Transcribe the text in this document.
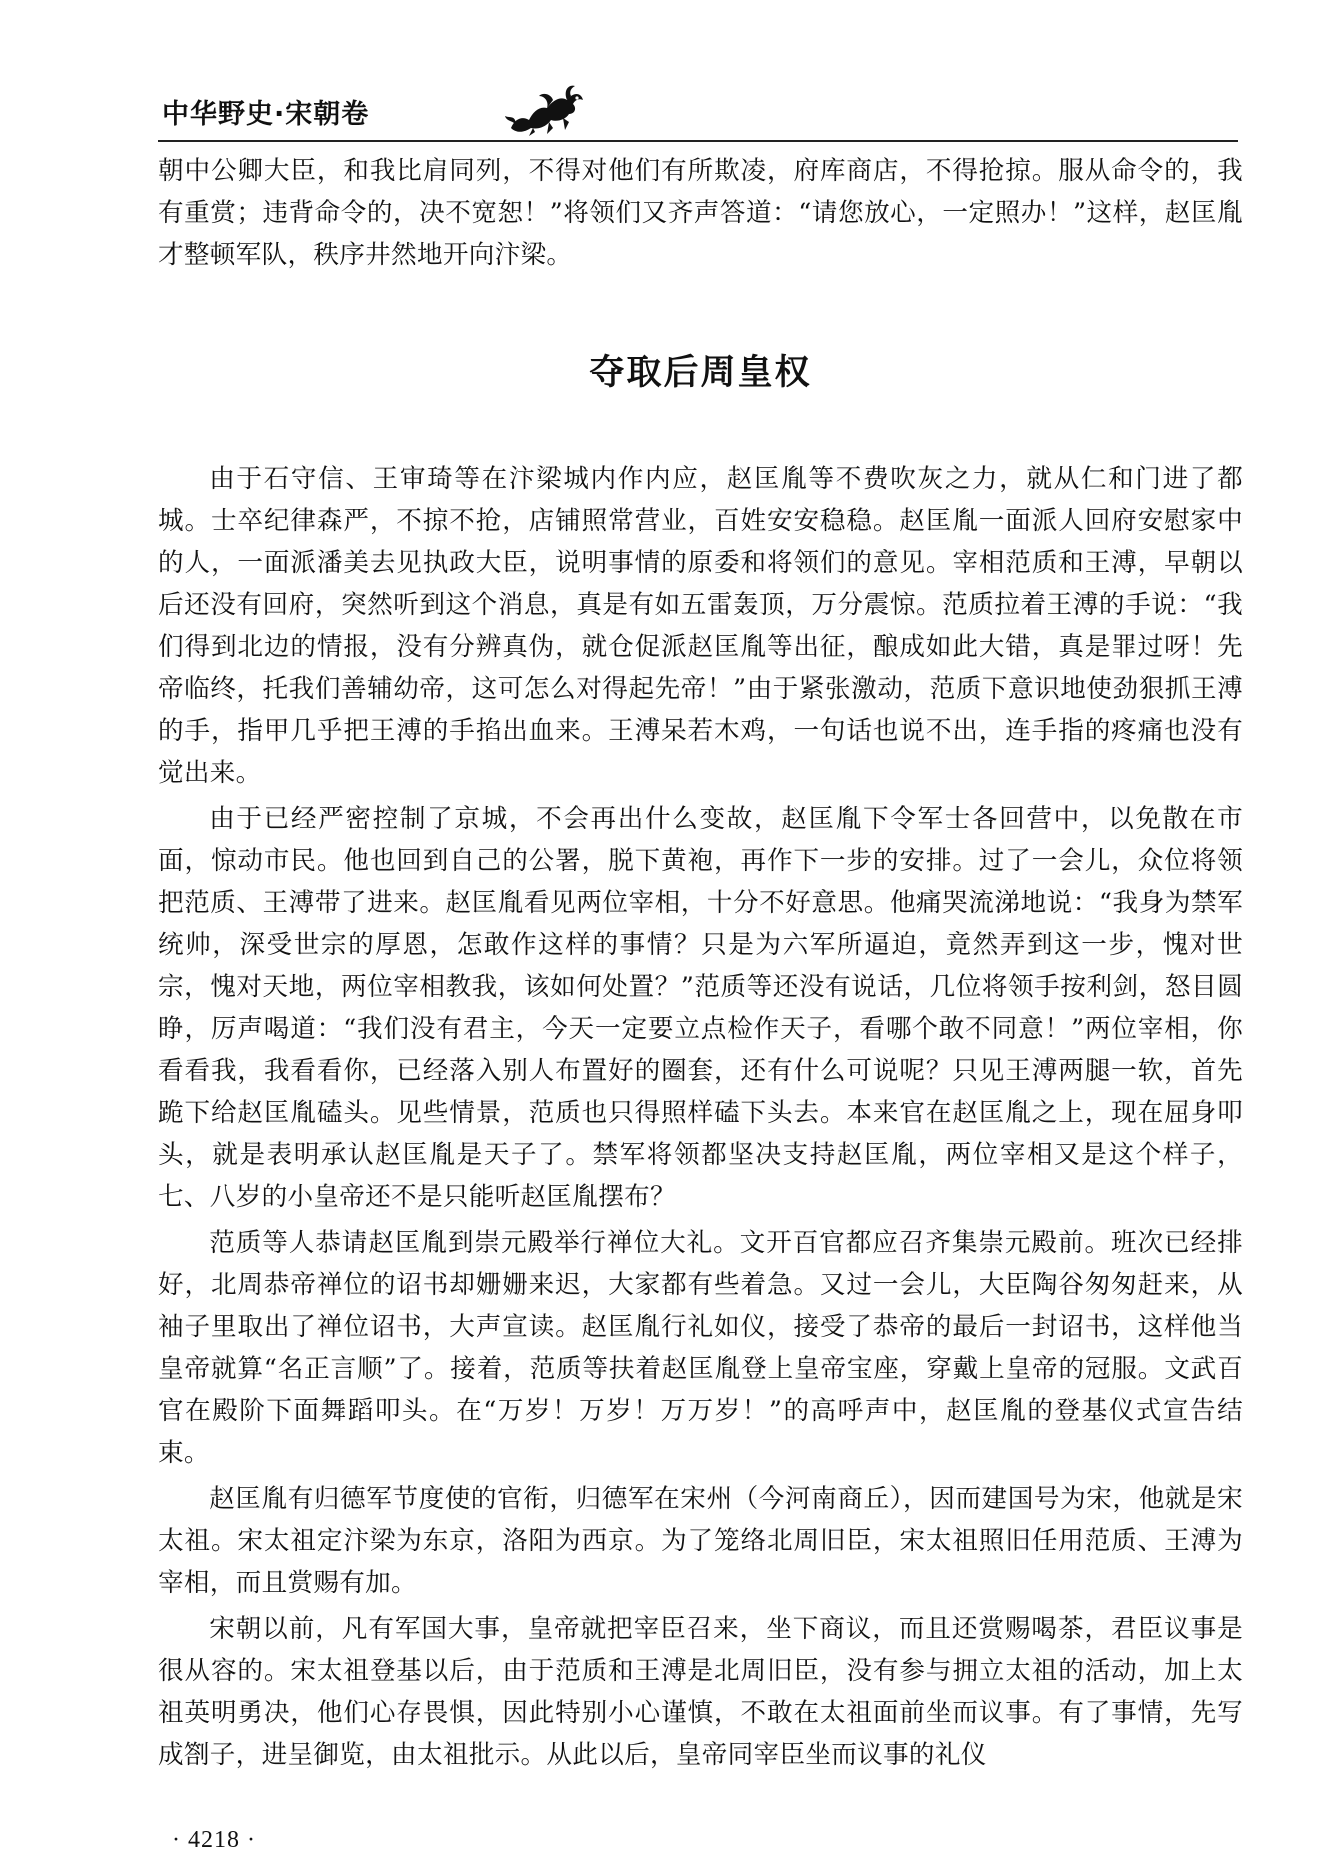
中华野史·宋朝卷

朝中公卿大臣，和我比肩同列，不得对他们有所欺凌，府库商店，不得抢掠。服从命令的，我有重赏；违背命令的，决不宽恕！”将领们又齐声答道：“请您放心，一定照办！”这样，赵匡胤才整顿军队，秩序井然地开向汴梁。

夺取后周皇权

由于石守信、王审琦等在汴梁城内作内应，赵匡胤等不费吹灰之力，就从仁和门进了都城。士卒纪律森严，不掠不抢，店铺照常营业，百姓安安稳稳。赵匡胤一面派人回府安慰家中的人，一面派潘美去见执政大臣，说明事情的原委和将领们的意见。宰相范质和王溥，早朝以后还没有回府，突然听到这个消息，真是有如五雷轰顶，万分震惊。范质拉着王溥的手说：“我们得到北边的情报，没有分辨真伪，就仓促派赵匡胤等出征，酿成如此大错，真是罪过呀！先帝临终，托我们善辅幼帝，这可怎么对得起先帝！”由于紧张激动，范质下意识地使劲狠抓王溥的手，指甲几乎把王溥的手掐出血来。王溥呆若木鸡，一句话也说不出，连手指的疼痛也没有觉出来。

由于已经严密控制了京城，不会再出什么变故，赵匡胤下令军士各回营中，以免散在市面，惊动市民。他也回到自己的公署，脱下黄袍，再作下一步的安排。过了一会儿，众位将领把范质、王溥带了进来。赵匡胤看见两位宰相，十分不好意思。他痛哭流涕地说：“我身为禁军统帅，深受世宗的厚恩，怎敢作这样的事情？只是为六军所逼迫，竟然弄到这一步，愧对世宗，愧对天地，两位宰相教我，该如何处置？”范质等还没有说话，几位将领手按利剑，怒目圆睁，厉声喝道：“我们没有君主，今天一定要立点检作天子，看哪个敢不同意！”两位宰相，你看看我，我看看你，已经落入别人布置好的圈套，还有什么可说呢？只见王溥两腿一软，首先跪下给赵匡胤磕头。见些情景，范质也只得照样磕下头去。本来官在赵匡胤之上，现在屈身叩头，就是表明承认赵匡胤是天子了。禁军将领都坚决支持赵匡胤，两位宰相又是这个样子，七、八岁的小皇帝还不是只能听赵匡胤摆布？

范质等人恭请赵匡胤到崇元殿举行禅位大礼。文开百官都应召齐集崇元殿前。班次已经排好，北周恭帝禅位的诏书却姗姗来迟，大家都有些着急。又过一会儿，大臣陶谷匆匆赶来，从袖子里取出了禅位诏书，大声宣读。赵匡胤行礼如仪，接受了恭帝的最后一封诏书，这样他当皇帝就算“名正言顺”了。接着，范质等扶着赵匡胤登上皇帝宝座，穿戴上皇帝的冠服。文武百官在殿阶下面舞蹈叩头。在“万岁！万岁！万万岁！”的高呼声中，赵匡胤的登基仪式宣告结束。

赵匡胤有归德军节度使的官衔，归德军在宋州（今河南商丘），因而建国号为宋，他就是宋太祖。宋太祖定汴梁为东京，洛阳为西京。为了笼络北周旧臣，宋太祖照旧任用范质、王溥为宰相，而且赏赐有加。

宋朝以前，凡有军国大事，皇帝就把宰臣召来，坐下商议，而且还赏赐喝茶，君臣议事是很从容的。宋太祖登基以后，由于范质和王溥是北周旧臣，没有参与拥立太祖的活动，加上太祖英明勇决，他们心存畏惧，因此特别小心谨慎，不敢在太祖面前坐而议事。有了事情，先写成劄子，进呈御览，由太祖批示。从此以后，皇帝同宰臣坐而议事的礼仪

· 4218 ·
